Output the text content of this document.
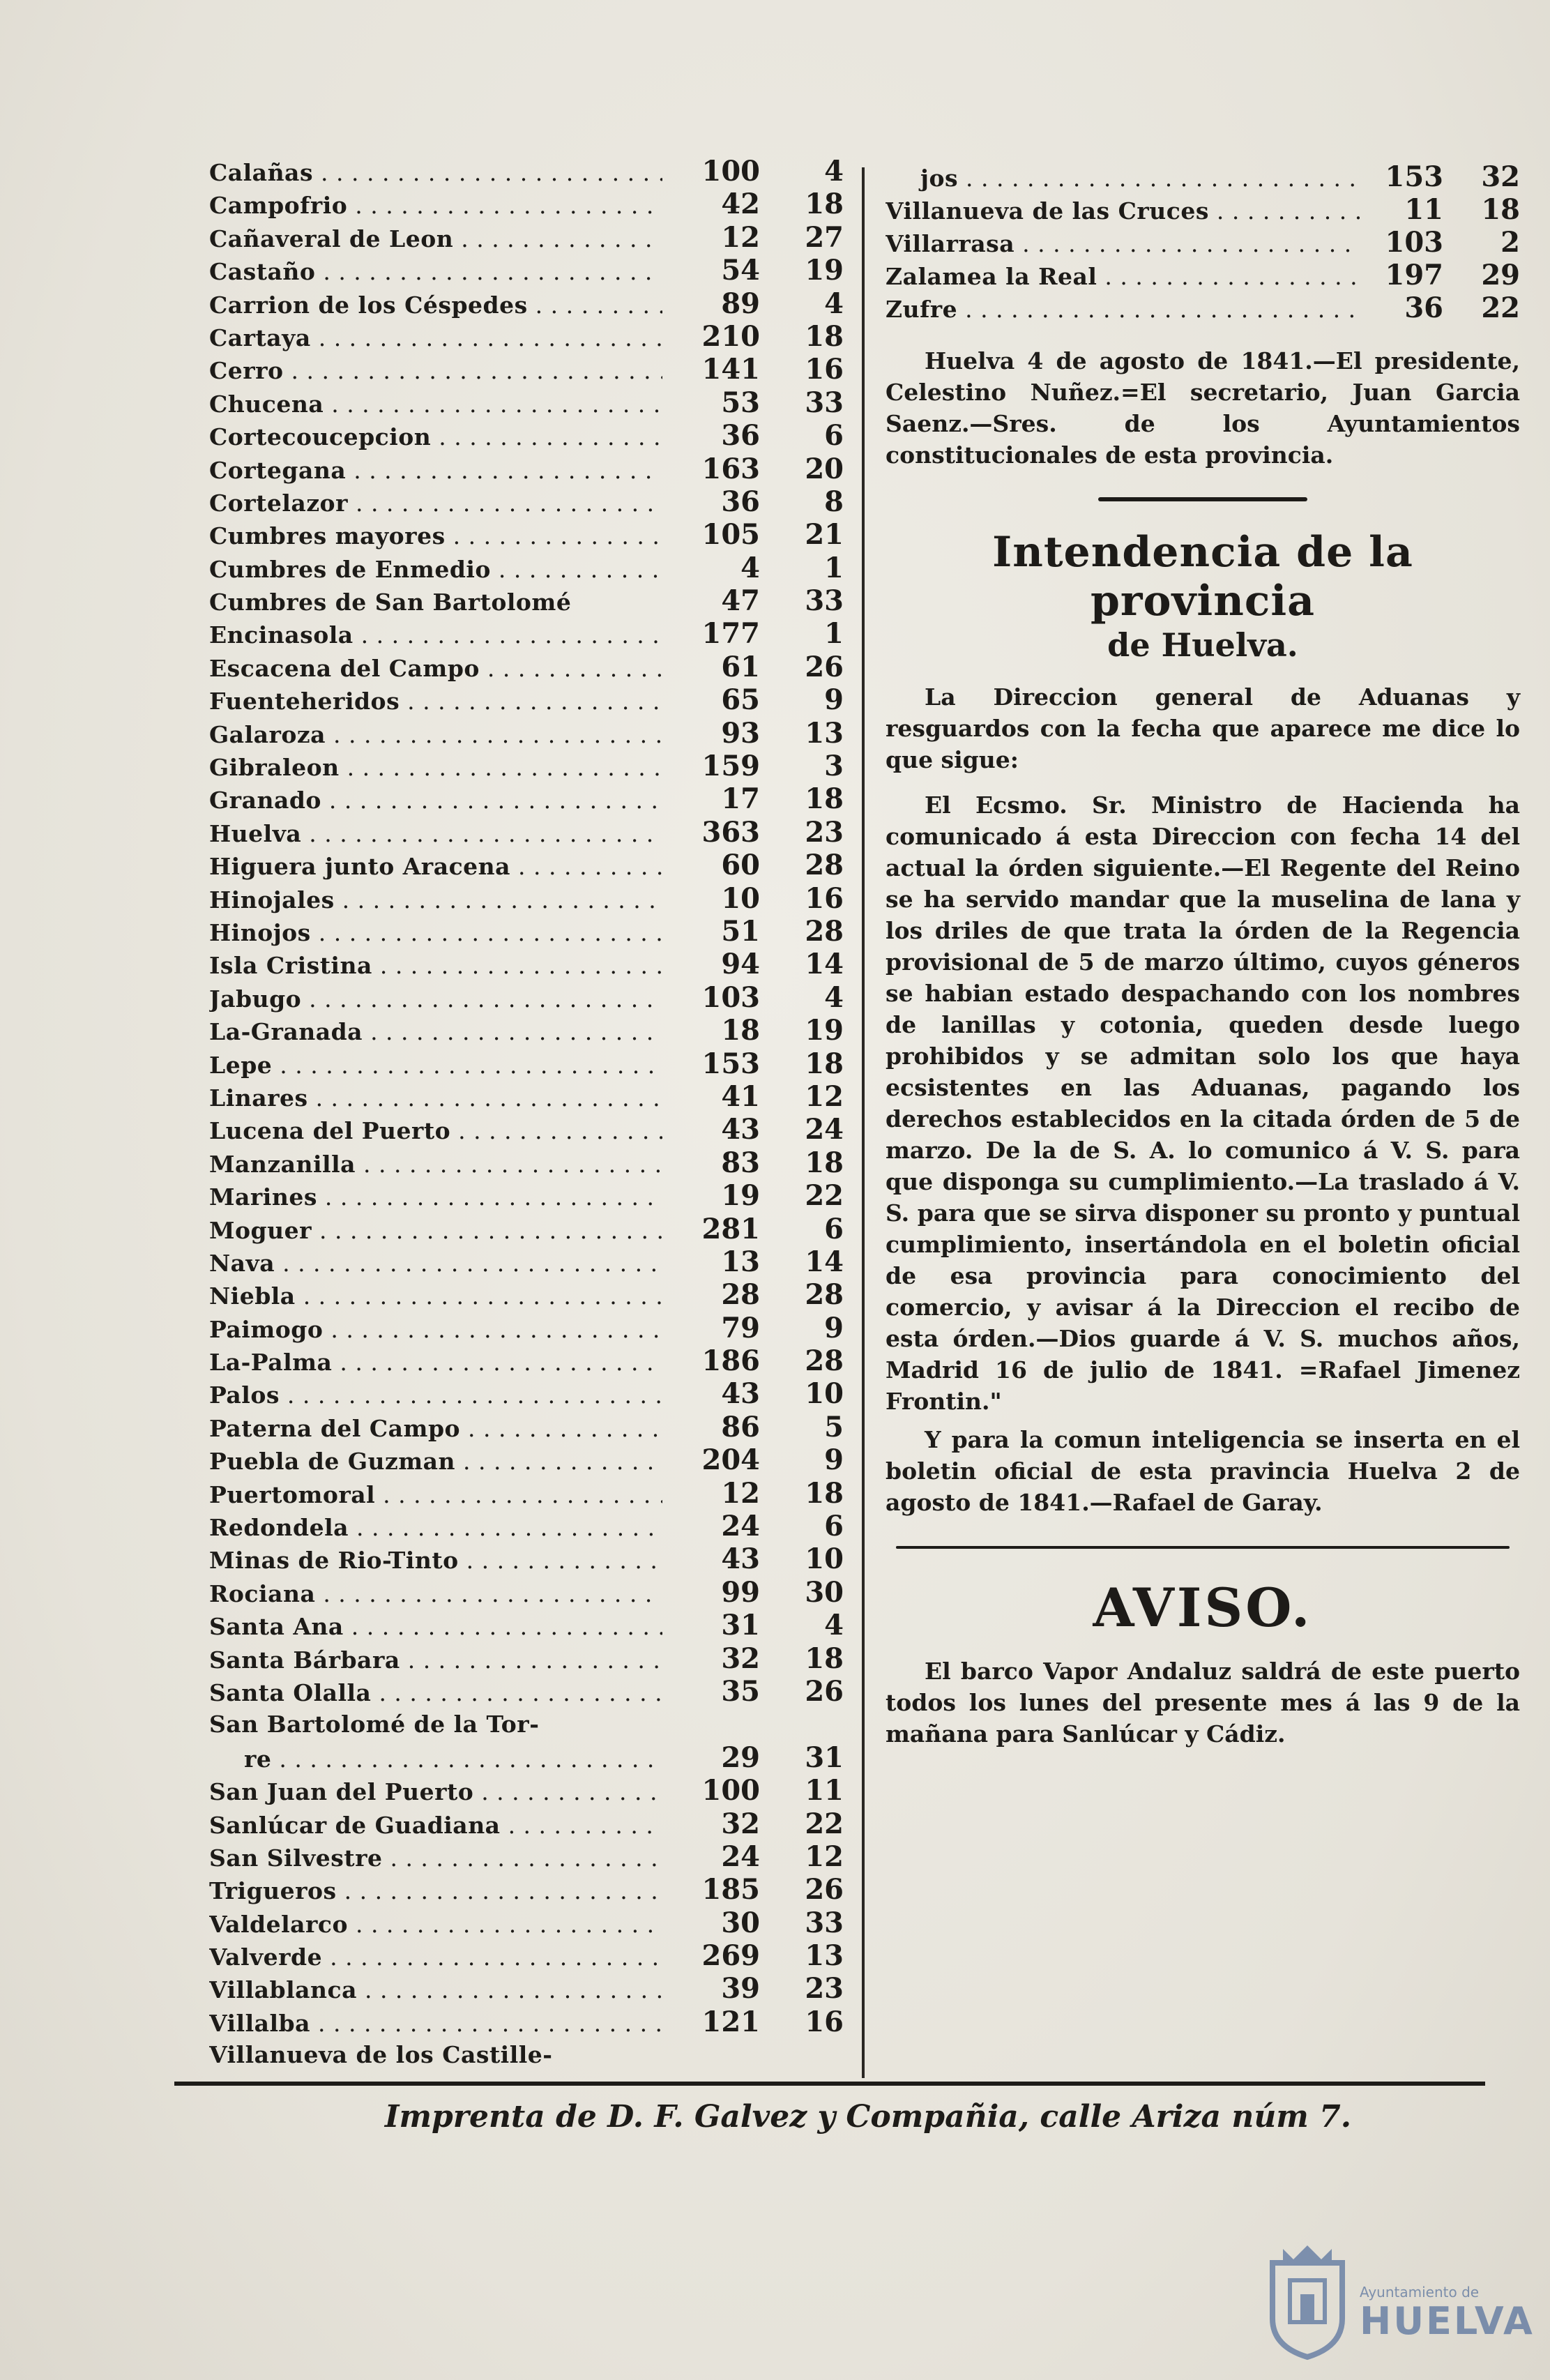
Calañas . . .	100	4
Campofrio . . .	42	18
Cañaveral de Leon . . .	12	27
Castaño . . .	54	19
Carrion de los Céspedes . . .	89	4
Cartaya . . .	210	18
Cerro . . .	141	16
Chucena . . .	53	33
Cortecoucepcion . . .	36	6
Cortegana . . .	163	20
Cortelazor . . .	36	8
Cumbres mayores . . .	105	21
Cumbres de Enmedio . . .	4	1
Cumbres de San Bartolomé	47	33
Encinasola . . .	177	1
Escacena del Campo . . .	61	26
Fuenteheridos . . .	65	9
Galaroza . . .	93	13
Gibraleon . . .	159	3
Granado . . .	17	18
Huelva . . .	363	23
Higuera junto Aracena . . .	60	28
Hinojales . . .	10	16
Hinojos . . .	51	28
Isla Cristina . . .	94	14
Jabugo . . .	103	4
La-Granada . . .	18	19
Lepe . . .	153	18
Linares . . .	41	12
Lucena del Puerto . . .	43	24
Manzanilla . . .	83	18
Marines . . .	19	22
Moguer . . .	281	6
Nava . . .	13	14
Niebla . . .	28	28
Paimogo . . .	79	9
La-Palma . . .	186	28
Palos . . .	43	10
Paterna del Campo . . .	86	5
Puebla de Guzman . . .	204	9
Puertomoral . . .	12	18
Redondela . . .	24	6
Minas de Rio-Tinto . . .	43	10
Rociana . . .	99	30
Santa Ana . . .	31	4
Santa Bárbara . . .	32	18
Santa Olalla . . .	35	26
San Bartolomé de la Tor-
re . . .	29	31
San Juan del Puerto . . .	100	11
Sanlúcar de Guadiana . . .	32	22
San Silvestre . . .	24	12
Trigueros . . .	185	26
Valdelarco . . .	30	33
Valverde . . .	269	13
Villablanca . . .	39	23
Villalba . . .	121	16
Villanueva de los Castille-
jos . . .	153	32
Villanueva de las Cruces . . .	11	18
Villarrasa . . .	103	2
Zalamea la Real . . .	197	29
Zufre . . .	36	22

Huelva 4 de agosto de 1841.—El presidente, Celestino Nuñez.=El secretario, Juan Garcia Saenz.—Sres. de los Ayuntamientos constitucionales de esta provincia.

Intendencia de la provincia
de Huelva.

La Direccion general de Aduanas y resguardos con la fecha que aparece me dice lo que sigue:

El Ecsmo. Sr. Ministro de Hacienda ha comunicado á esta Direccion con fecha 14 del actual la órden siguiente.—El Regente del Reino se ha servido mandar que la muselina de lana y los driles de que trata la órden de la Regencia provisional de 5 de marzo último, cuyos géneros se habian estado despachando con los nombres de lanillas y cotonia, queden desde luego prohibidos y se admitan solo los que haya ecsistentes en las Aduanas, pagando los derechos establecidos en la citada órden de 5 de marzo. De la de S. A. lo comunico á V. S. para que disponga su cumplimiento.—La traslado á V. S. para que se sirva disponer su pronto y puntual cumplimiento, insertándola en el boletin oficial de esa provincia para conocimiento del comercio, y avisar á la Direccion el recibo de esta órden.—Dios guarde á V. S. muchos años, Madrid 16 de julio de 1841. =Rafael Jimenez Frontin."

Y para la comun inteligencia se inserta en el boletin oficial de esta pravincia Huelva 2 de agosto de 1841.—Rafael de Garay.

AVISO.

El barco Vapor Andaluz saldrá de este puerto todos los lunes del presente mes á las 9 de la mañana para Sanlúcar y Cádiz.

Imprenta de D. F. Galvez y Compañia, calle Ariza núm 7.
Ayuntamiento de
HUELVA
